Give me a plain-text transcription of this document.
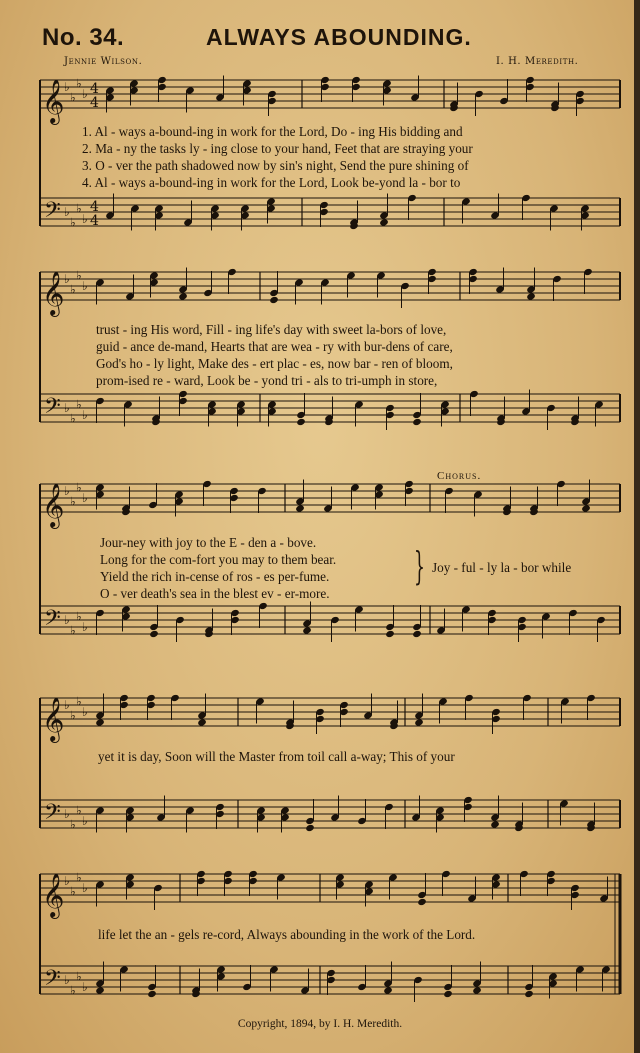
No. 34.	ALWAYS ABOUNDING.
Jennie Wilson.	I. H. Meredith.
𝄞 ♭
♭
♭
♭ 4
4
𝄢 ♭
♭
♭
♭
4
4
𝄞 ♭
♭
♭
♭
𝄢 ♭
♭
♭
♭
𝄞 ♭
♭
♭
♭
𝄢 ♭
♭
♭
♭
𝄞 ♭
♭
♭
♭
𝄢 ♭
♭
♭
♭
𝄞 ♭
♭
♭
♭
𝄢 ♭
♭
♭
♭
1. Al - ways a-bound-ing in work for the Lord, Do - ing His bidding and
2. Ma - ny the tasks ly - ing close to your hand, Feet that are straying your
3. O - ver the path shadowed now by sin's night, Send the pure shining of
4. Al - ways a-bound-ing in work for the Lord, Look be-yond la - bor to
trust - ing His word, Fill - ing life's day with sweet la-bors of love,
guid - ance de-mand, Hearts that are wea - ry with bur-dens of care,
God's ho - ly light, Make des - ert plac - es, now bar - ren of bloom,
prom-ised re - ward, Look be - yond tri - als to tri-umph in store,
Jour-ney with joy to the E - den a - bove.
Long for the com-fort you may to them bear.
Yield the rich in-cense of ros - es per-fume.
O - ver death's sea in the blest ev - er-more.
} Joy - ful - ly la - bor while
Chorus.
yet it is day, Soon will the Master from toil call a-way; This of your
life let the an - gels re-cord, Always abounding in the work of the Lord.
Copyright, 1894, by I. H. Meredith.
